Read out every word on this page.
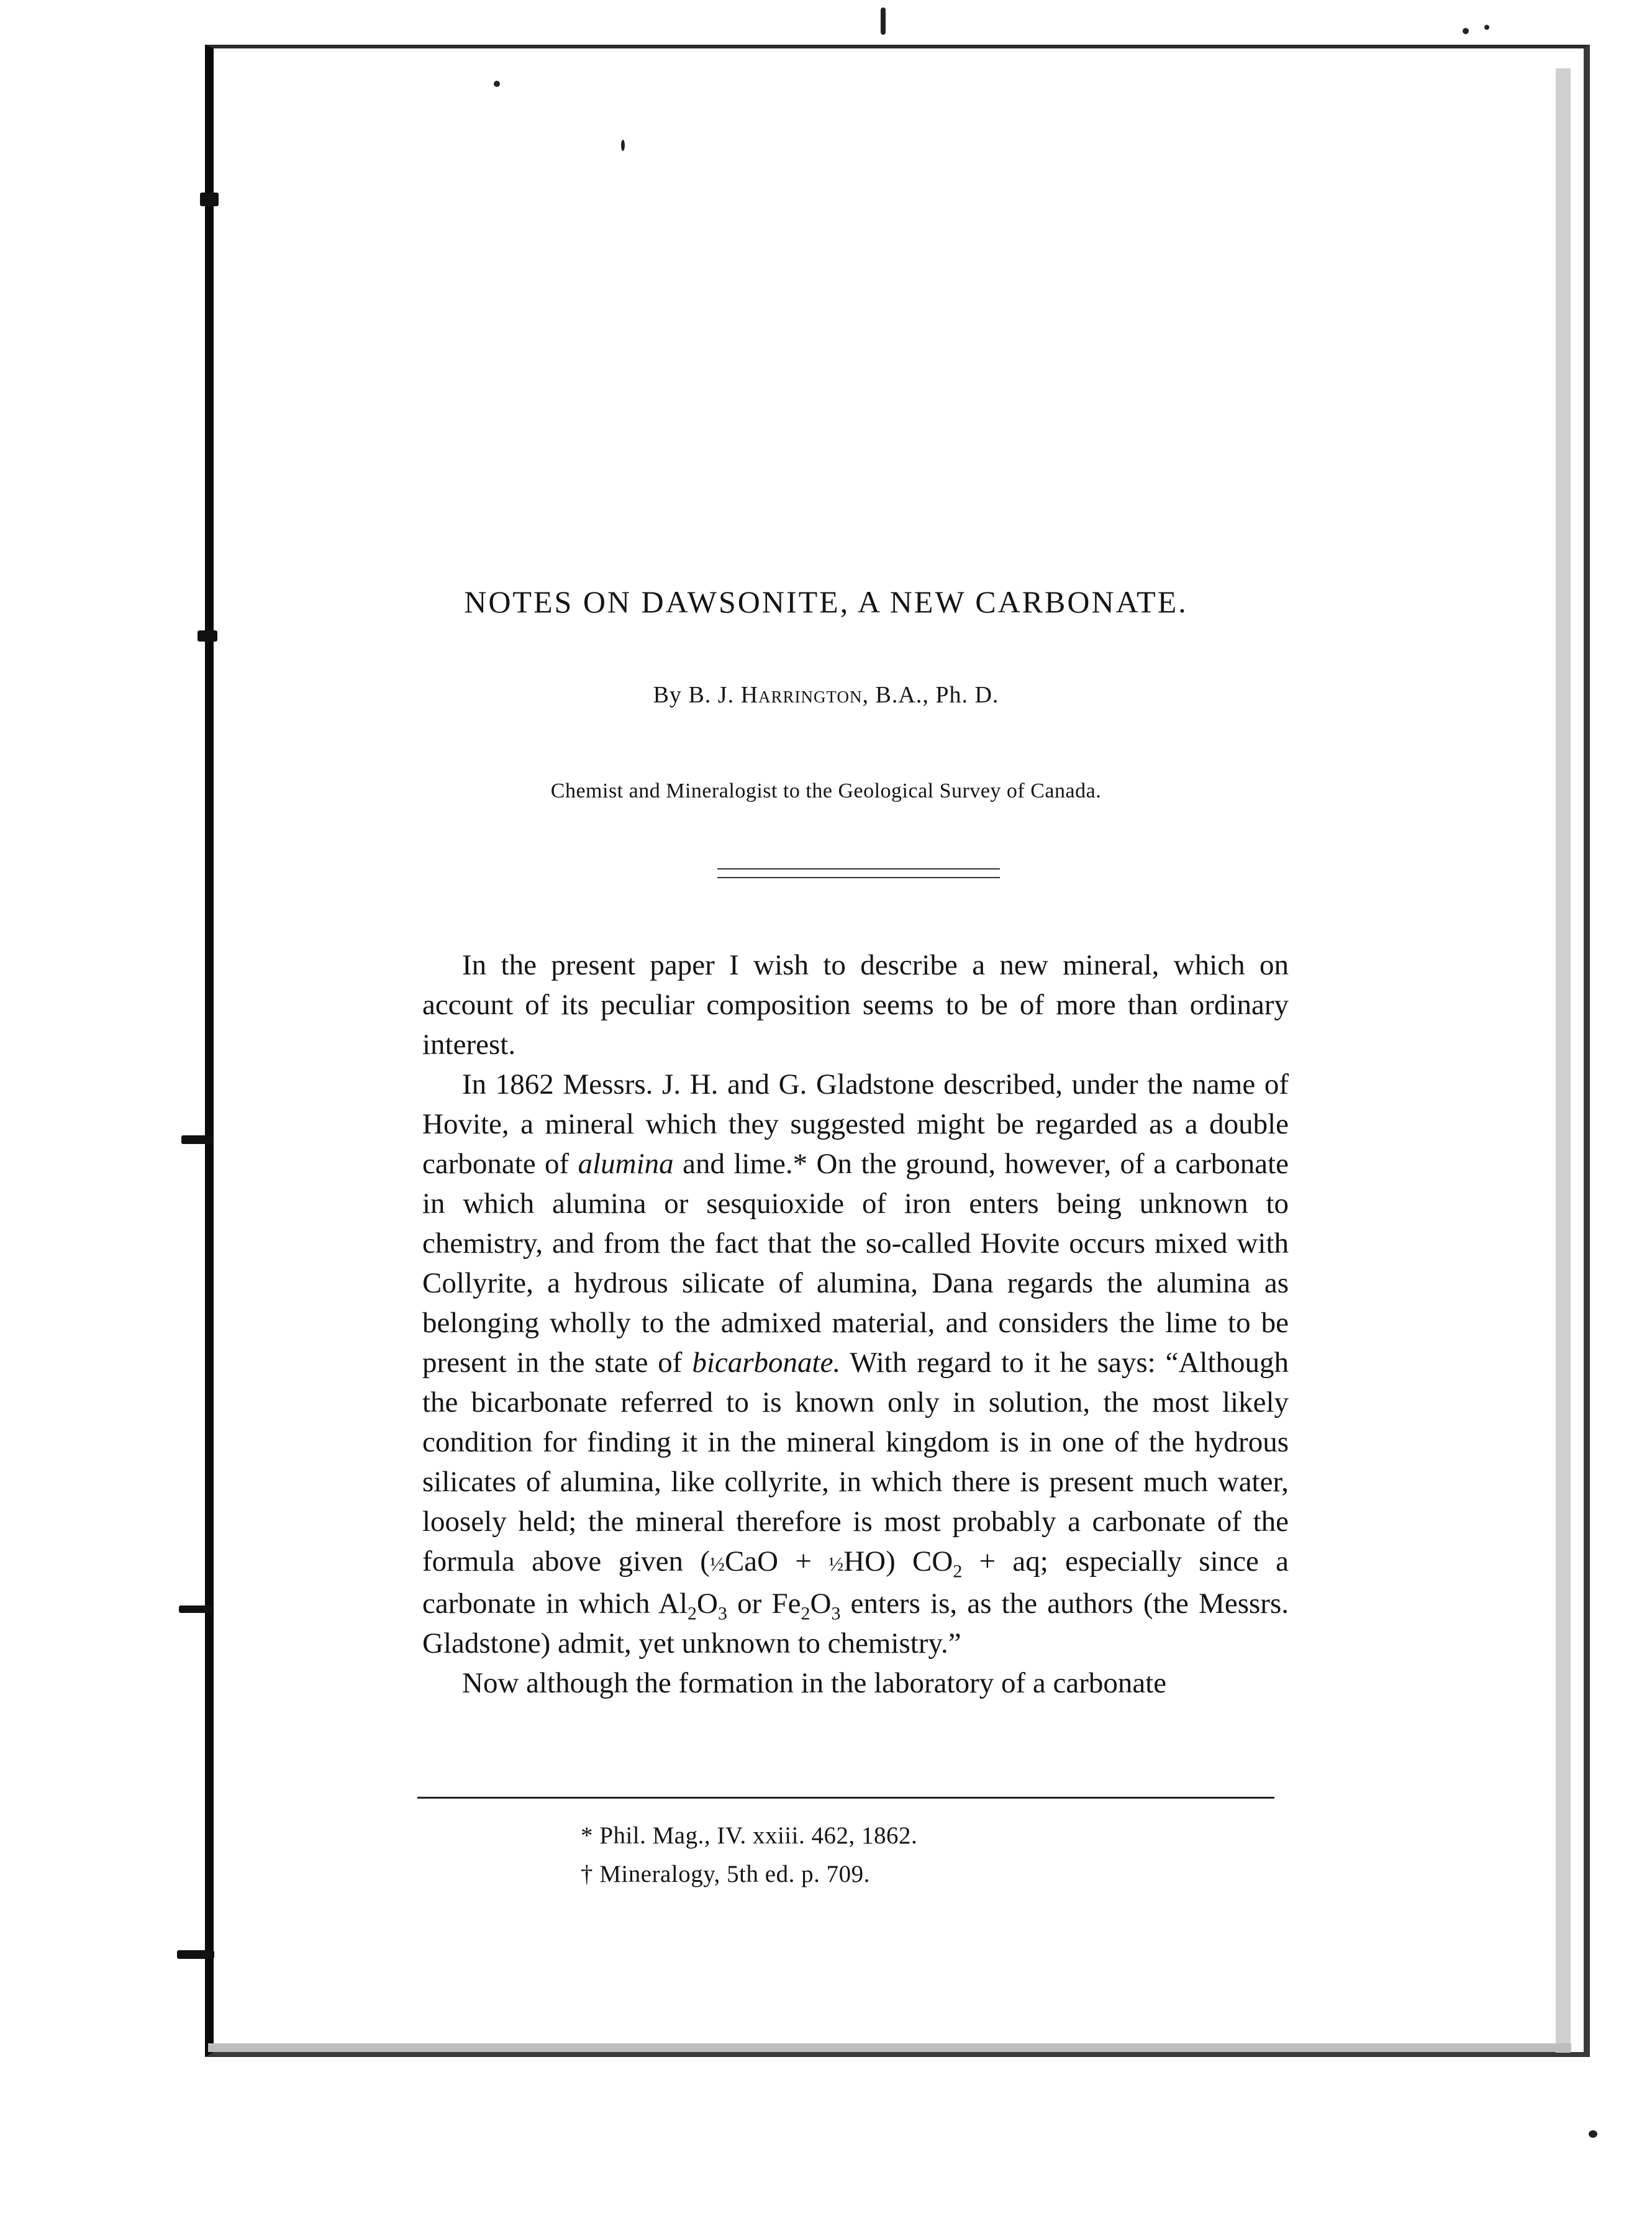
NOTES ON DAWSONITE, A NEW CARBONATE.
By B. J. Harrington, B.A., Ph. D.
Chemist and Mineralogist to the Geological Survey of Canada.

In the present paper I wish to describe a new mineral, which on account of its peculiar composition seems to be of more than ordinary interest.

In 1862 Messrs. J. H. and G. Gladstone described, under the name of Hovite, a mineral which they suggested might be regarded as a double carbonate of alumina and lime.* On the ground, however, of a carbonate in which alumina or sesquioxide of iron enters being unknown to chemistry, and from the fact that the so-called Hovite occurs mixed with Collyrite, a hydrous silicate of alumina, Dana regards the alumina as belonging wholly to the admixed material, and considers the lime to be present in the state of bicarbonate. With regard to it he says: “Although the bicarbonate referred to is known only in solution, the most likely condition for finding it in the mineral kingdom is in one of the hydrous silicates of alumina, like collyrite, in which there is present much water, loosely held; the mineral therefore is most probably a carbonate of the formula above given (½CaO + ½HO) $CO_2$ + aq; especially since a carbonate in which $Al_2O_3$ or $Fe_2O_3$ enters is, as the authors (the Messrs. Gladstone) admit, yet unknown to chemistry.”

Now although the formation in the laboratory of a carbonate

* Phil. Mag., IV. xxiii. 462, 1862.
† Mineralogy, 5th ed. p. 709.
